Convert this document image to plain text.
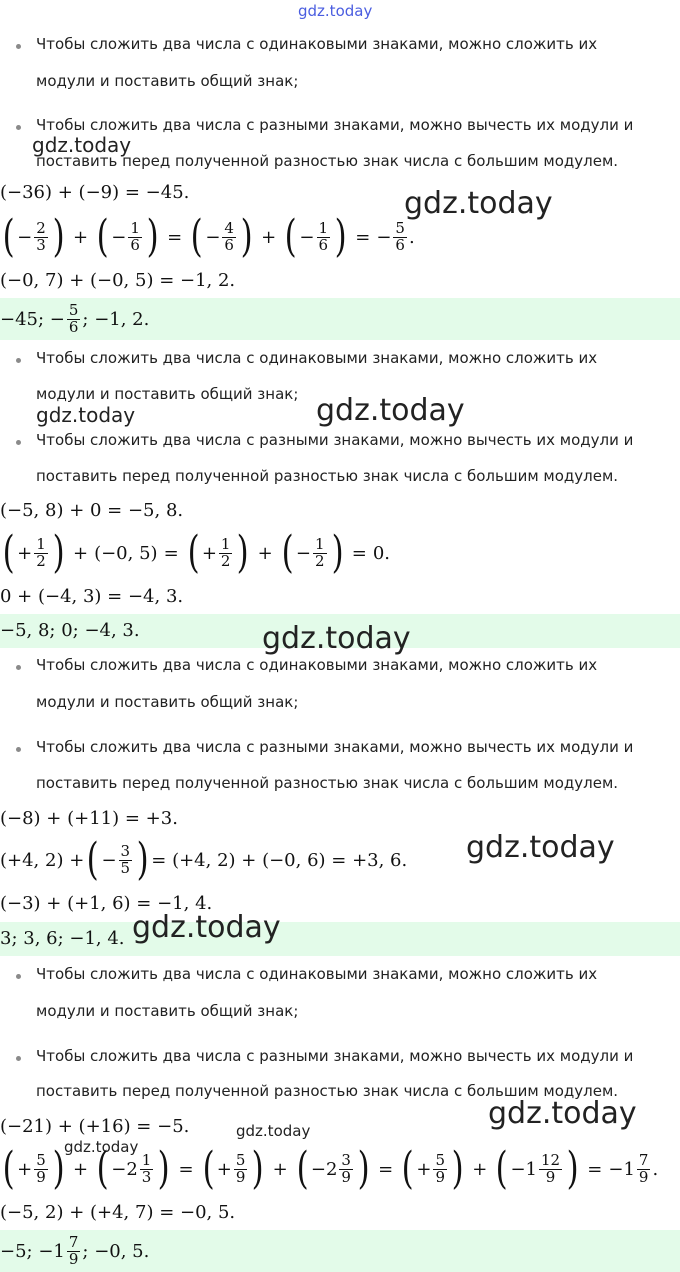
gdz.today
Чтобы сложить два числа с одинаковыми знаками, можно сложить их
модули и поставить общий знак;
Чтобы сложить два числа с разными знаками, можно вычесть их модули и
поставить перед полученной разностью знак числа с большим модулем.
gdz.today
(−36) + (−9) = −45.
( − $\frac{2}{3}$ ) + ( − $\frac{1}{6}$ ) = ( − $\frac{4}{6}$ ) + ( − $\frac{1}{6}$ ) = − $\frac{5}{6}$ .
gdz.today
(−0, 7) + (−0, 5) = −1, 2.
−45; − $\frac{5}{6}$ ; −1, 2.
Чтобы сложить два числа с одинаковыми знаками, можно сложить их
модули и поставить общий знак;
Чтобы сложить два числа с разными знаками, можно вычесть их модули и
поставить перед полученной разностью знак числа с большим модулем.
gdz.today	gdz.today
(−5, 8) + 0 = −5, 8.
( + $\frac{1}{2}$ ) + (−0, 5) = ( + $\frac{1}{2}$ ) + ( − $\frac{1}{2}$ ) = 0.
0 + (−4, 3) = −4, 3.
−5, 8; 0; −4, 3.	gdz.today
Чтобы сложить два числа с одинаковыми знаками, можно сложить их
модули и поставить общий знак;
Чтобы сложить два числа с разными знаками, можно вычесть их модули и
поставить перед полученной разностью знак числа с большим модулем.
(−8) + (+11) = +3.
(+4, 2) + ( − $\frac{3}{5}$ ) = (+4, 2) + (−0, 6) = +3, 6. gdz.today
(−3) + (+1, 6) = −1, 4.
3; 3, 6; −1, 4. gdz.today
Чтобы сложить два числа с одинаковыми знаками, можно сложить их
модули и поставить общий знак;
Чтобы сложить два числа с разными знаками, можно вычесть их модули и
поставить перед полученной разностью знак числа с большим модулем.
(−21) + (+16) = −5.	gdz.today
gdz.today
gdz.today
( + $\frac{5}{9}$ ) + ( $-2 \frac{1}{3}$ ) = ( + $\frac{5}{9}$ ) + ( $-2 \frac{3}{9}$ ) = ( + $\frac{5}{9}$ ) + ( $-1 \frac{12}{9}$ ) = $-1 \frac{7}{9}$ .
(−5, 2) + (+4, 7) = −0, 5.
−5; $-1 \frac{7}{9}$ ; −0, 5.
